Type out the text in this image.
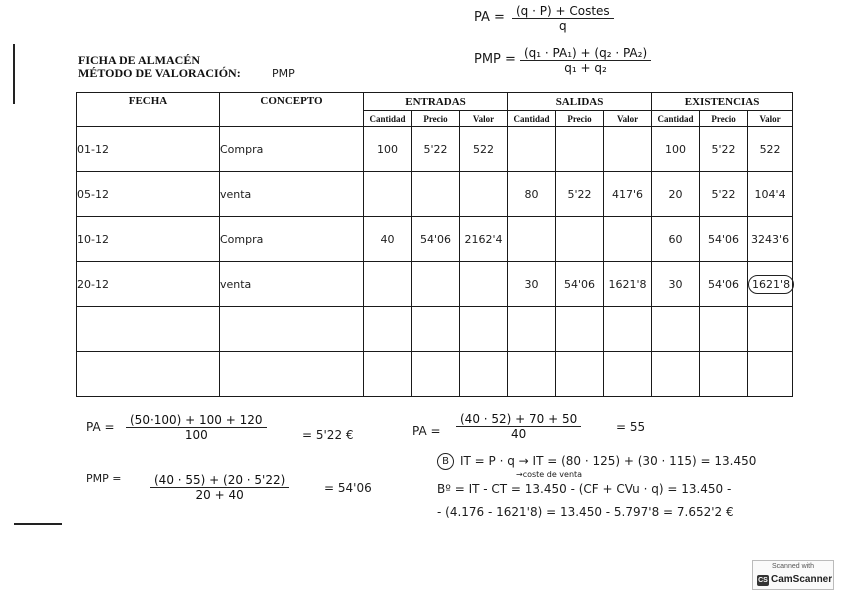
PA = (q · P) + Costes
q
PMP = $\frac{\text{(q₁ · PA₁) + (q₂ · PA₂)}}{\text{q₁ + q₂}}$
FICHA DE ALMACÉN
MÉTODO DE VALORACIÓN:	PMP
FECHA	CONCEPTO	ENTRADAS			SALIDAS			EXISTENCIAS		
		Cantidad	Precio	Valor	Cantidad	Precio	Valor	Cantidad	Precio	Valor
01-12	Compra	100	5'22	522				100	5'22	522
05-12	venta				80	5'22	417'6	20	5'22	104'4
10-12	Compra	40	54'06	2162'4				60	54'06	3243'6
20-12	venta				30	54'06	1621'8	30	54'06	1621'8

PA = $\frac{(50\cdot 100) + 100 + 120}{100}$	= 5'22 €	PA = $\frac{(40 \cdot 52) + 70 + 50}{40}$	= 55
PMP = $\frac{(40 \cdot 55) + (20 \cdot 5'22)}{20 + 40}$	= 54'06
B IT = P · q → IT = (80 · 125) + (30 · 115) = 13.450
→coste de venta
Bº = IT - CT = 13.450 - (CF + CVu · q) = 13.450 -
- (4.176 - 1621'8) = 13.450 - 5.797'8 = 7.652'2 €
Scanned with
CS CamScanner
